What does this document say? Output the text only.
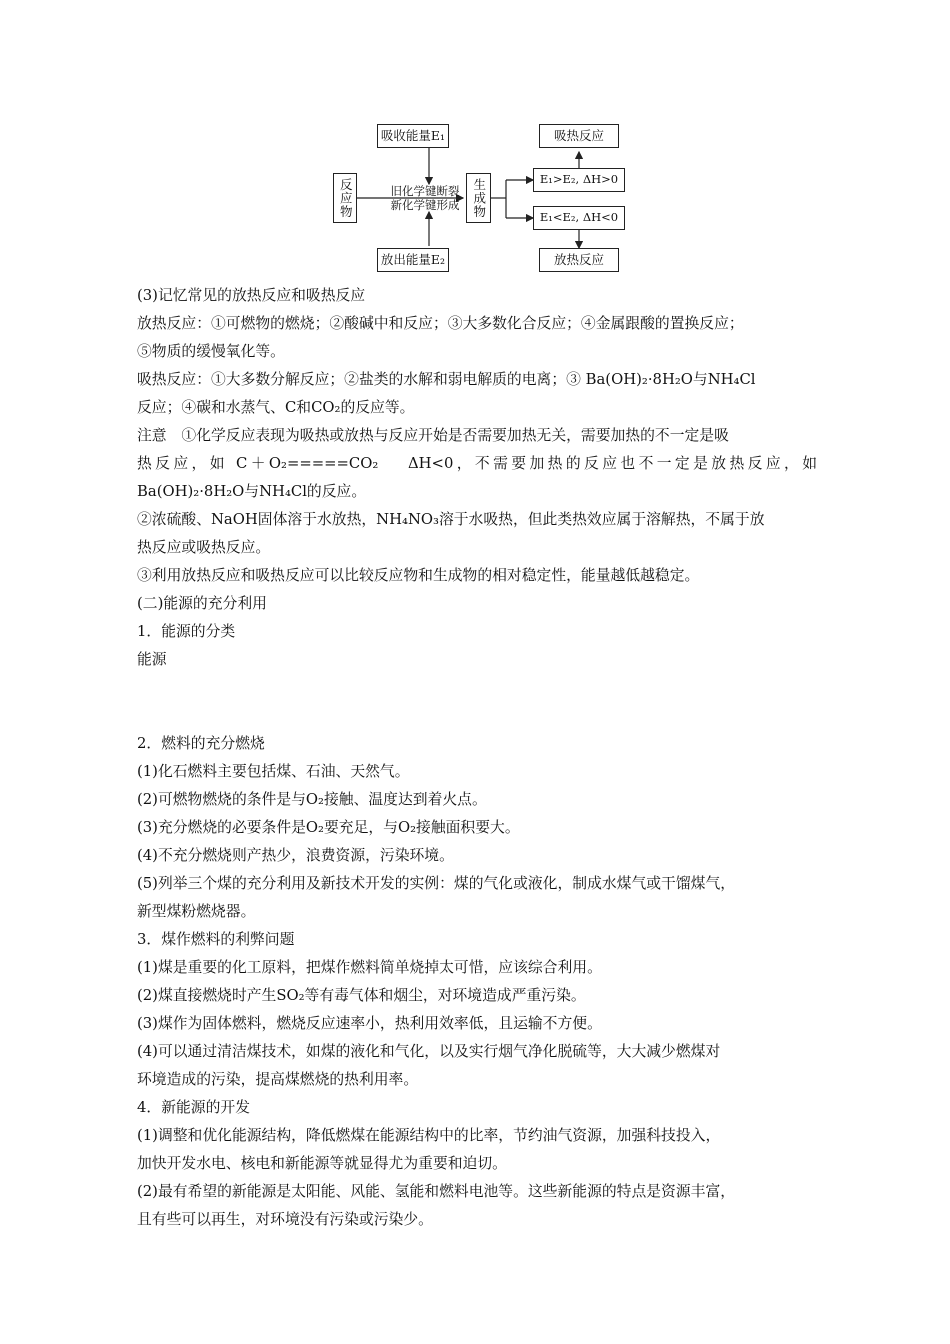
吸收能量E₁
放出能量E₂
反应物	旧化学键断裂
新化学键形成 生成物
吸热反应
E₁>E₂, ΔH>0
E₁<E₂, ΔH<0
放热反应
(3)记忆常见的放热反应和吸热反应
放热反应：①可燃物的燃烧；②酸碱中和反应；③大多数化合反应；④金属跟酸的置换反应；
⑤物质的缓慢氧化等。
吸热反应：①大多数分解反应；②盐类的水解和弱电解质的电离；③ Ba(OH)₂·8H₂O与NH₄Cl
反应；④碳和水蒸气、C和CO₂的反应等。
注意　①化学反应表现为吸热或放热与反应开始是否需要加热无关，需要加热的不一定是吸
热反应，如 C＋O₂=====CO₂　 ΔH<0，不需要加热的反应也不一定是放热反应，如
Ba(OH)₂·8H₂O与NH₄Cl的反应。
②浓硫酸、NaOH固体溶于水放热，NH₄NO₃溶于水吸热，但此类热效应属于溶解热，不属于放
热反应或吸热反应。
③利用放热反应和吸热反应可以比较反应物和生成物的相对稳定性，能量越低越稳定。
(二)能源的充分利用
1．能源的分类
能源
2．燃料的充分燃烧
(1)化石燃料主要包括煤、石油、天然气。
(2)可燃物燃烧的条件是与O₂接触、温度达到着火点。
(3)充分燃烧的必要条件是O₂要充足，与O₂接触面积要大。
(4)不充分燃烧则产热少，浪费资源，污染环境。
(5)列举三个煤的充分利用及新技术开发的实例：煤的气化或液化，制成水煤气或干馏煤气，
新型煤粉燃烧器。
3．煤作燃料的利弊问题
(1)煤是重要的化工原料，把煤作燃料简单烧掉太可惜，应该综合利用。
(2)煤直接燃烧时产生SO₂等有毒气体和烟尘，对环境造成严重污染。
(3)煤作为固体燃料，燃烧反应速率小，热利用效率低，且运输不方便。
(4)可以通过清洁煤技术，如煤的液化和气化，以及实行烟气净化脱硫等，大大减少燃煤对
环境造成的污染，提高煤燃烧的热利用率。
4．新能源的开发
(1)调整和优化能源结构，降低燃煤在能源结构中的比率，节约油气资源，加强科技投入，
加快开发水电、核电和新能源等就显得尤为重要和迫切。
(2)最有希望的新能源是太阳能、风能、氢能和燃料电池等。这些新能源的特点是资源丰富，
且有些可以再生，对环境没有污染或污染少。
